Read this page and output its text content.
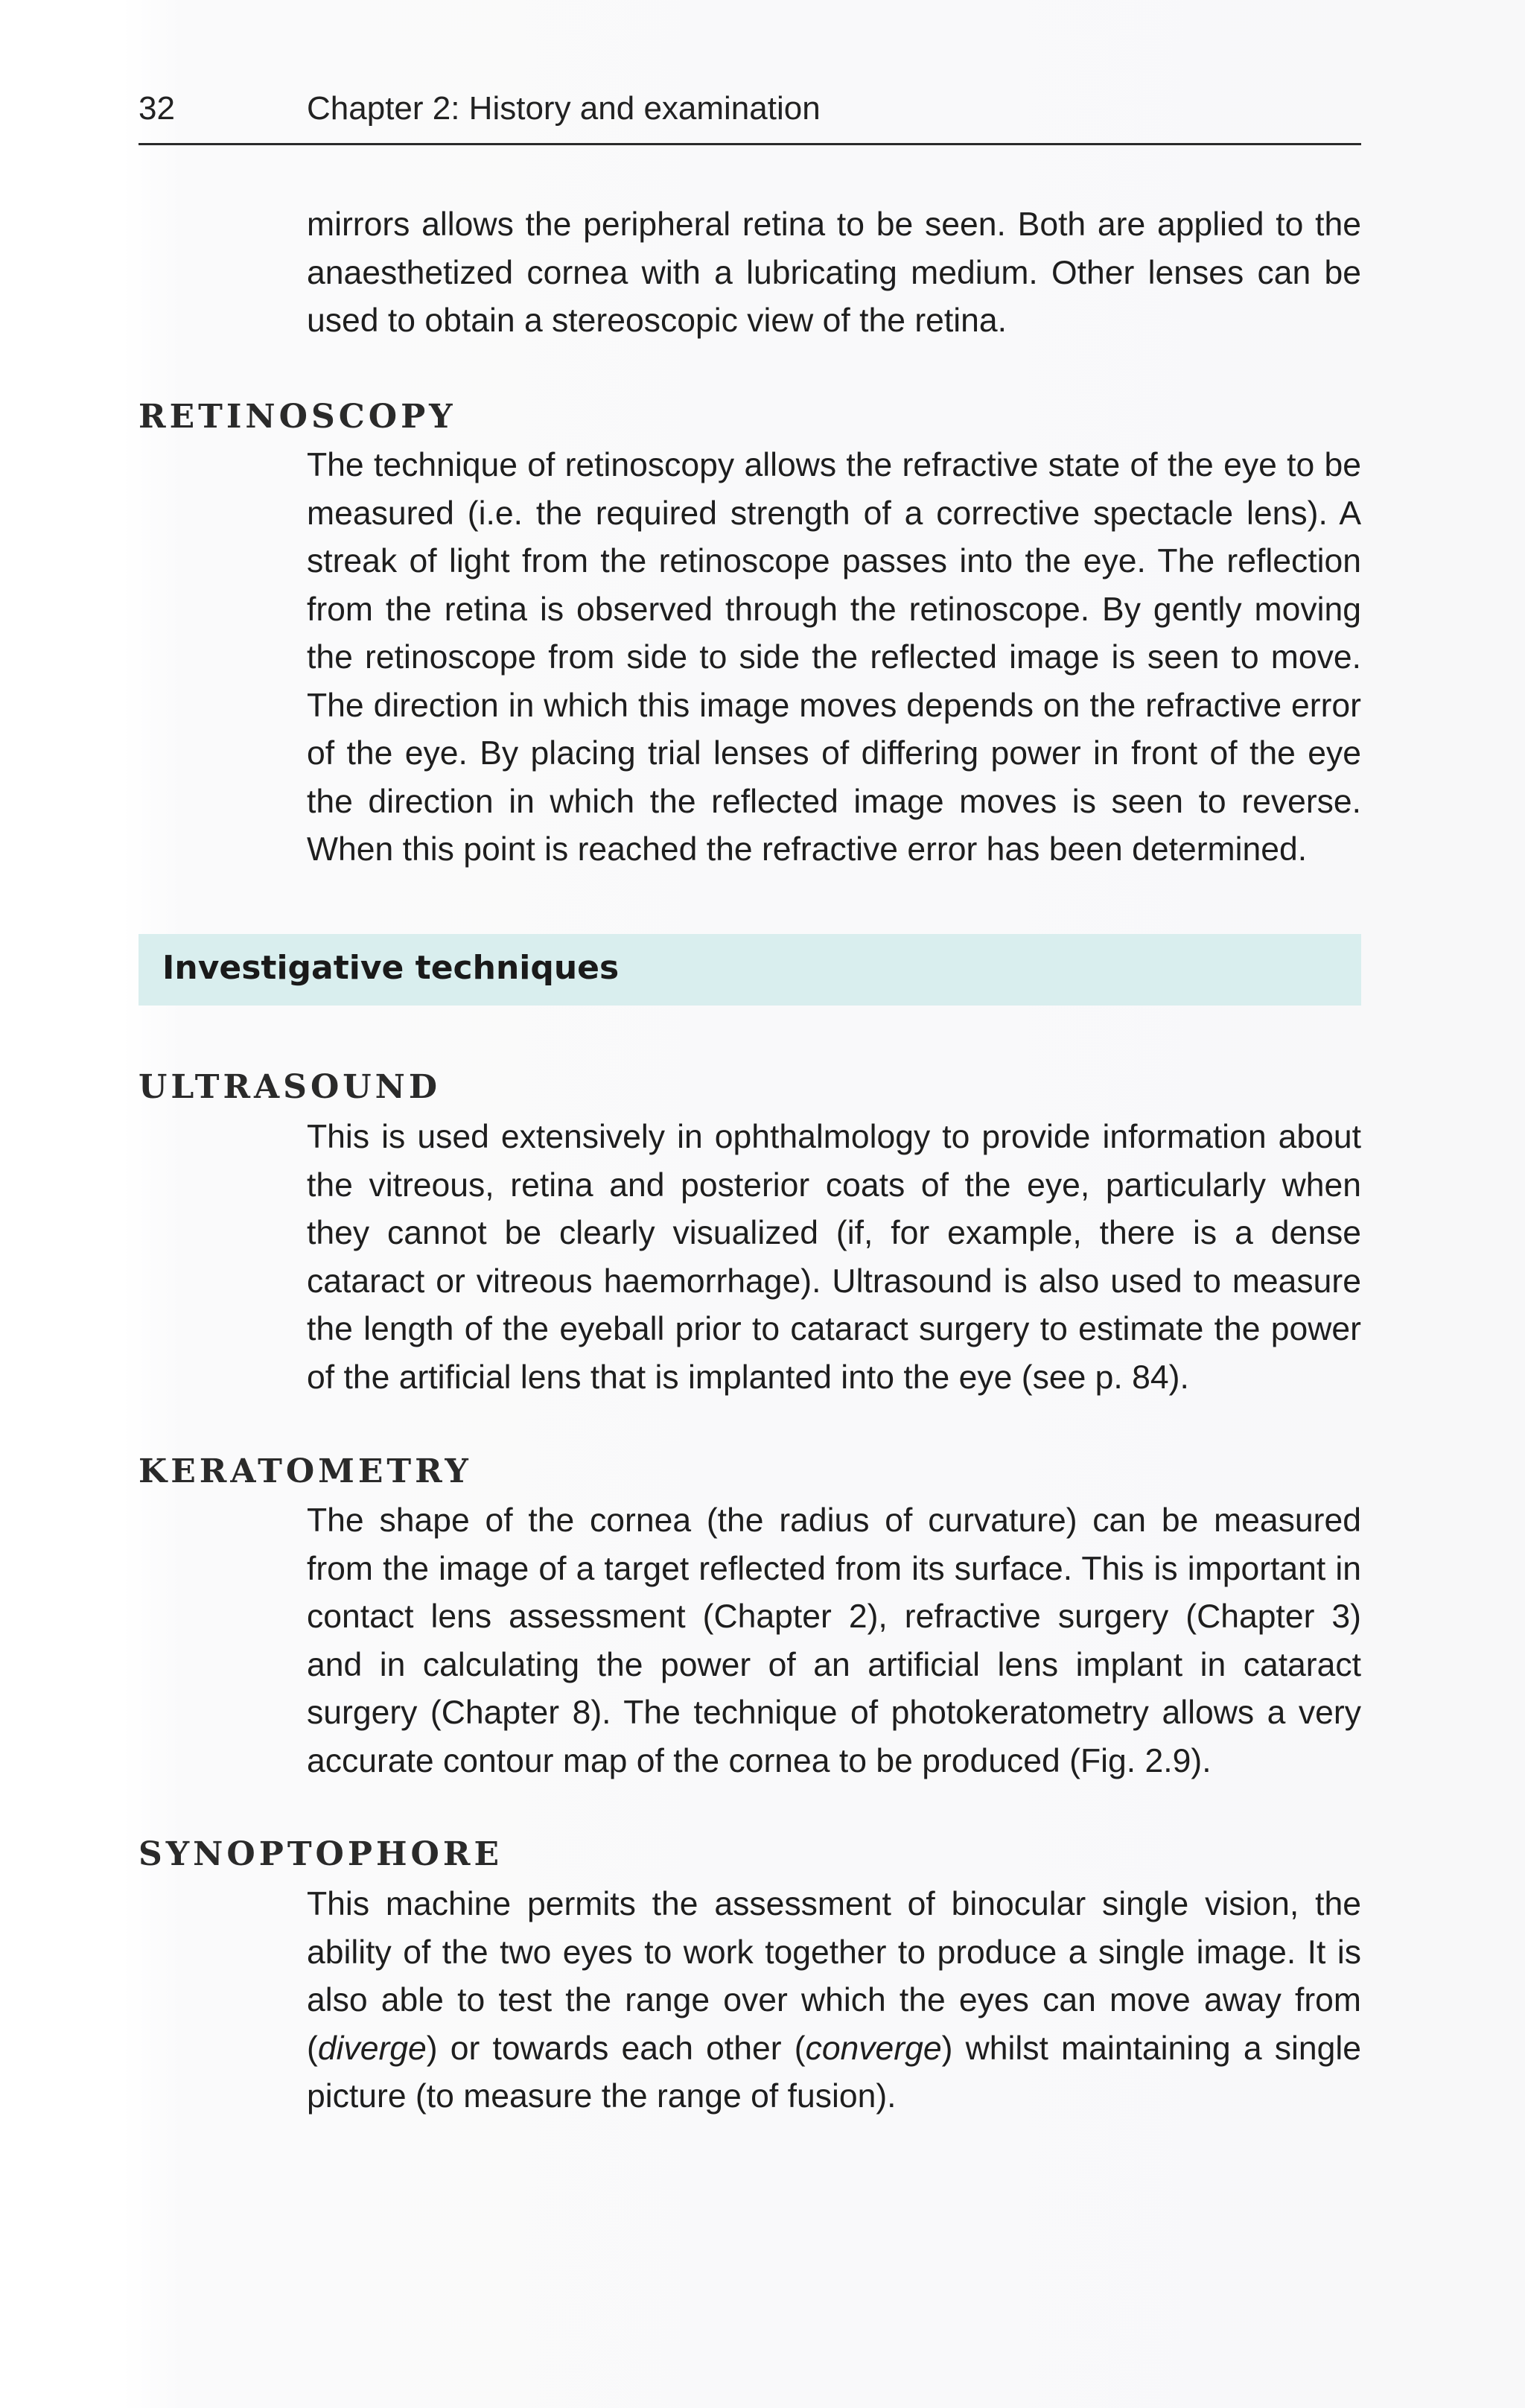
32	Chapter 2: History and examination

mirrors allows the peripheral retina to be seen. Both are applied to the anaesthetized cornea with a lubricating medium. Other lenses can be used to obtain a stereoscopic view of the retina.

RETINOSCOPY

The technique of retinoscopy allows the refractive state of the eye to be measured (i.e. the required strength of a corrective spectacle lens). A streak of light from the retinoscope passes into the eye. The reflection from the retina is observed through the retinoscope. By gently moving the retinoscope from side to side the reflected image is seen to move. The direction in which this image moves depends on the refractive error of the eye. By placing trial lenses of differing power in front of the eye the direction in which the reflected image moves is seen to reverse. When this point is reached the refractive error has been determined.

Investigative techniques
ULTRASOUND

This is used extensively in ophthalmology to provide information about the vitreous, retina and posterior coats of the eye, particularly when they cannot be clearly visualized (if, for example, there is a dense cataract or vitreous haemorrhage). Ultrasound is also used to measure the length of the eyeball prior to cataract surgery to estimate the power of the artificial lens that is implanted into the eye (see p. 84).

KERATOMETRY

The shape of the cornea (the radius of curvature) can be measured from the image of a target reflected from its surface. This is important in contact lens assessment (Chapter 2), refractive surgery (Chapter 3) and in calculating the power of an artificial lens implant in cataract surgery (Chapter 8). The technique of photokeratometry allows a very accurate contour map of the cornea to be produced (Fig. 2.9).

SYNOPTOPHORE

This machine permits the assessment of binocular single vision, the ability of the two eyes to work together to produce a single image. It is also able to test the range over which the eyes can move away from (diverge) or towards each other (converge) whilst maintaining a single picture (to measure the range of fusion).
